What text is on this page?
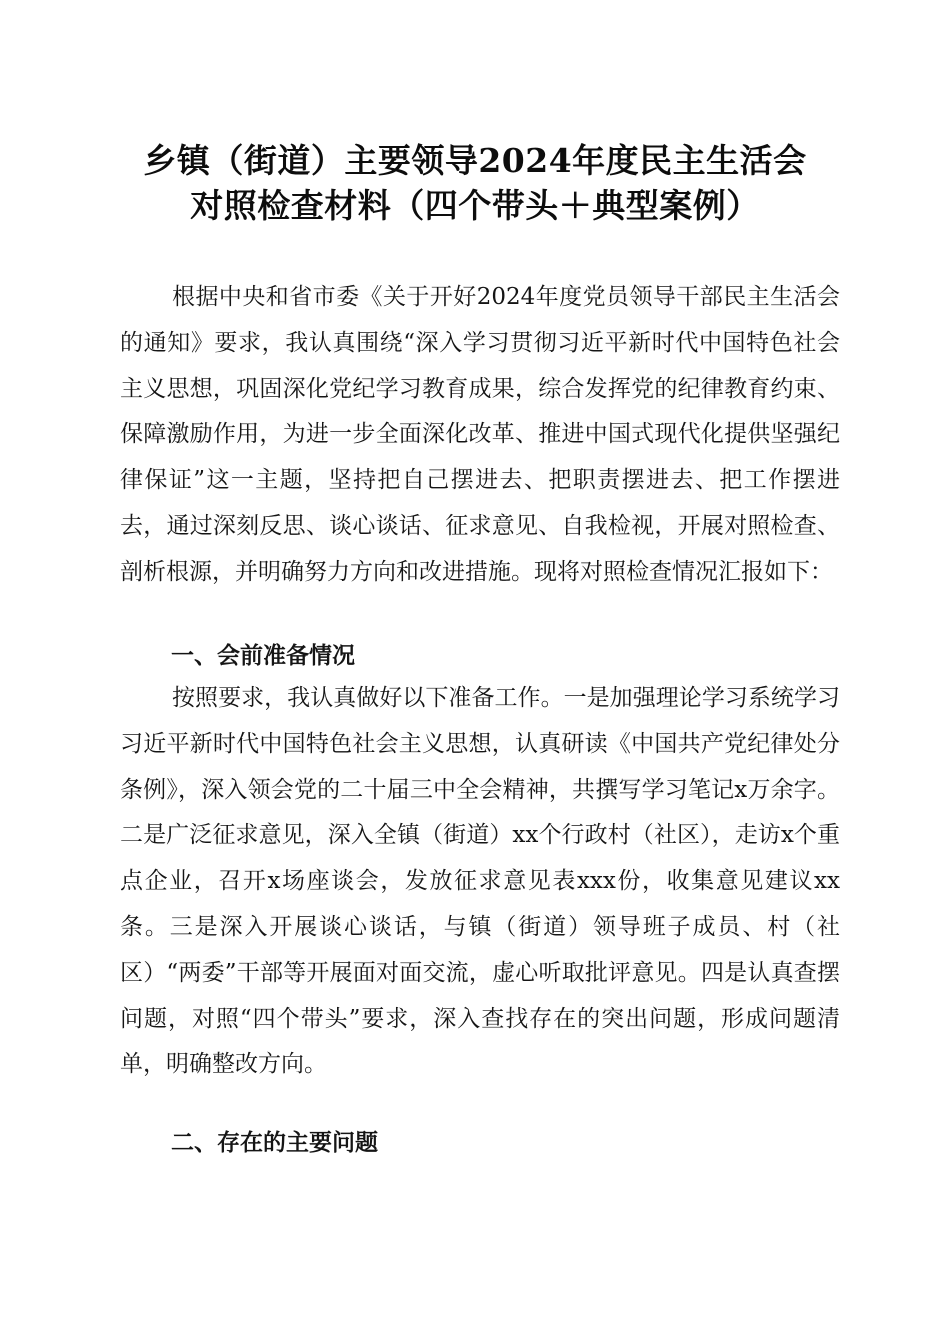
乡镇（街道）主要领导2024年度民主生活会
对照检查材料（四个带头＋典型案例）
根据中央和省市委《关于开好2024年度党员领导干部民主生活会的通知》要求，我认真围绕“深入学习贯彻习近平新时代中国特色社会主义思想，巩固深化党纪学习教育成果，综合发挥党的纪律教育约束、保障激励作用，为进一步全面深化改革、推进中国式现代化提供坚强纪律保证”这一主题，坚持把自己摆进去、把职责摆进去、把工作摆进去，通过深刻反思、谈心谈话、征求意见、自我检视，开展对照检查、剖析根源，并明确努力方向和改进措施。现将对照检查情况汇报如下：
一、会前准备情况
按照要求，我认真做好以下准备工作。一是加强理论学习系统学习习近平新时代中国特色社会主义思想，认真研读《中国共产党纪律处分条例》，深入领会党的二十届三中全会精神，共撰写学习笔记x万余字。二是广泛征求意见，深入全镇（街道）xx个行政村（社区），走访x个重点企业，召开x场座谈会，发放征求意见表xxx份，收集意见建议xx条。三是深入开展谈心谈话，与镇（街道）领导班子成员、村（社区）“两委”干部等开展面对面交流，虚心听取批评意见。四是认真查摆问题，对照“四个带头”要求，深入查找存在的突出问题，形成问题清单，明确整改方向。
二、存在的主要问题
